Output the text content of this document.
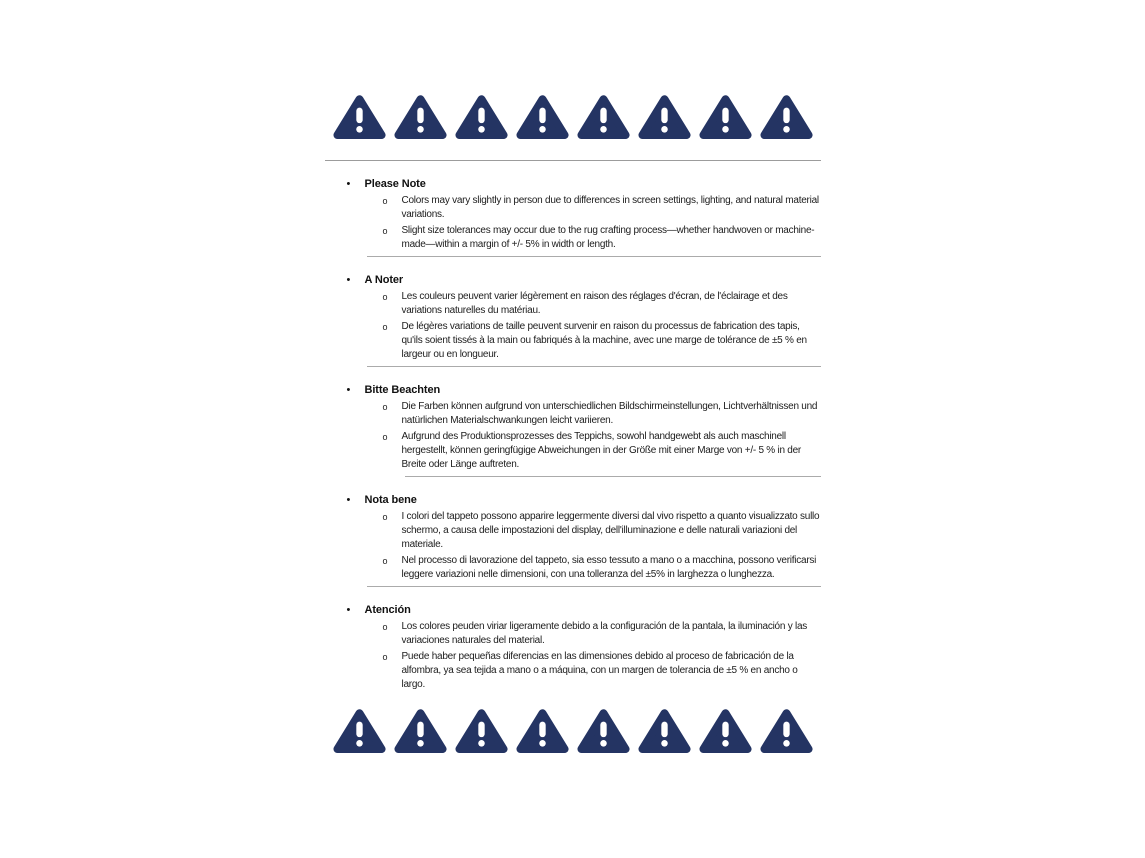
•	Please Note
o	Colors may vary slightly in person due to differences in screen settings, lighting, and natural material variations.
o	Slight size tolerances may occur due to the rug crafting process—whether handwoven or machine-made—within a margin of +/- 5% in width or length.
•	A Noter
o	Les couleurs peuvent varier légèrement en raison des réglages d'écran, de l'éclairage et des variations naturelles du matériau.
o	De légères variations de taille peuvent survenir en raison du processus de fabrication des tapis, qu'ils soient tissés à la main ou fabriqués à la machine, avec une marge de tolérance de ±5 % en largeur ou en longueur.
•	Bitte Beachten
o	Die Farben können aufgrund von unterschiedlichen Bildschirmeinstellungen, Lichtverhältnissen und natürlichen Materialschwankungen leicht variieren.
o	Aufgrund des Produktionsprozesses des Teppichs, sowohl handgewebt als auch maschinell hergestellt, können geringfügige Abweichungen in der Größe mit einer Marge von +/- 5 % in der Breite oder Länge auftreten.
•	Nota bene
o	I colori del tappeto possono apparire leggermente diversi dal vivo rispetto a quanto visualizzato sullo schermo, a causa delle impostazioni del display, dell'illuminazione e delle naturali variazioni del materiale.
o	Nel processo di lavorazione del tappeto, sia esso tessuto a mano o a macchina, possono verificarsi leggere variazioni nelle dimensioni, con una tolleranza del ±5% in larghezza o lunghezza.
•	Atención
o	Los colores peuden viriar ligeramente debido a la configuración de la pantala, la iluminación y las variaciones naturales del material.
o	Puede haber pequeñas diferencias en las dimensiones debido al proceso de fabricación de la alfombra, ya sea tejida a mano o a máquina, con un margen de tolerancia de ±5 % en ancho o largo.
